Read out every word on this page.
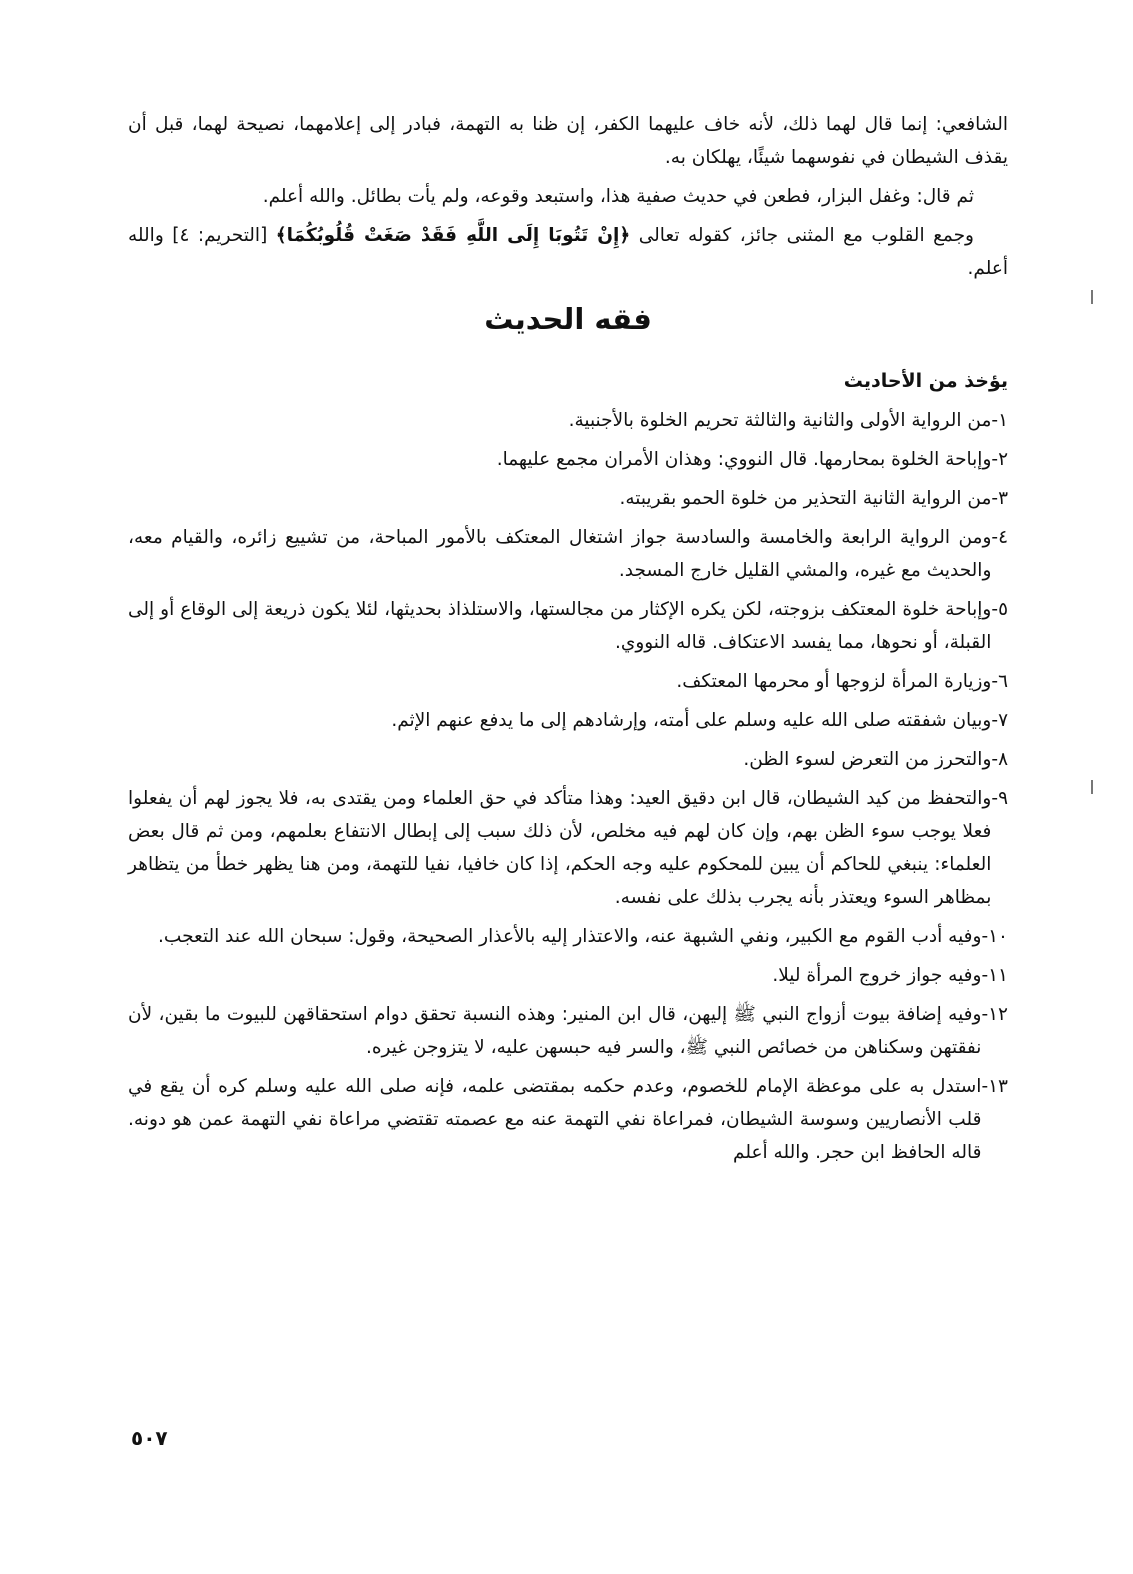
الشافعي: إنما قال لهما ذلك، لأنه خاف عليهما الكفر، إن ظنا به التهمة، فبادر إلى إعلامهما، نصيحة لهما، قبل أن يقذف الشيطان في نفوسهما شيئًا، يهلكان به.

ثم قال: وغفل البزار، فطعن في حديث صفية هذا، واستبعد وقوعه، ولم يأت بطائل. والله أعلم.

وجمع القلوب مع المثنى جائز، كقوله تعالى ﴿إِنْ تَتُوبَا إِلَى اللَّهِ فَقَدْ صَغَتْ قُلُوبُكُمَا﴾ [التحريم: ٤] والله أعلم.

فقه الحديث
يؤخذ من الأحاديث
١-
من الرواية الأولى والثانية والثالثة تحريم الخلوة بالأجنبية.
٢-
وإباحة الخلوة بمحارمها. قال النووي: وهذان الأمران مجمع عليهما.
٣-
من الرواية الثانية التحذير من خلوة الحمو بقريبته.
٤-
ومن الرواية الرابعة والخامسة والسادسة جواز اشتغال المعتكف بالأمور المباحة، من تشييع زائره، والقيام معه، والحديث مع غيره، والمشي القليل خارج المسجد.
٥-
وإباحة خلوة المعتكف بزوجته، لكن يكره الإكثار من مجالستها، والاستلذاذ بحديثها، لئلا يكون ذريعة إلى الوقاع أو إلى القبلة، أو نحوها، مما يفسد الاعتكاف. قاله النووي.
٦-
وزيارة المرأة لزوجها أو محرمها المعتكف.
٧-
وبيان شفقته صلى الله عليه وسلم على أمته، وإرشادهم إلى ما يدفع عنهم الإثم.
٨-
والتحرز من التعرض لسوء الظن.
٩-
والتحفظ من كيد الشيطان، قال ابن دقيق العيد: وهذا متأكد في حق العلماء ومن يقتدى به، فلا يجوز لهم أن يفعلوا فعلا يوجب سوء الظن بهم، وإن كان لهم فيه مخلص، لأن ذلك سبب إلى إبطال الانتفاع بعلمهم، ومن ثم قال بعض العلماء: ينبغي للحاكم أن يبين للمحكوم عليه وجه الحكم، إذا كان خافيا، نفيا للتهمة، ومن هنا يظهر خطأ من يتظاهر بمظاهر السوء ويعتذر بأنه يجرب بذلك على نفسه.
١٠-
وفيه أدب القوم مع الكبير، ونفي الشبهة عنه، والاعتذار إليه بالأعذار الصحيحة، وقول: سبحان الله عند التعجب.
١١-
وفيه جواز خروج المرأة ليلا.
١٢-
وفيه إضافة بيوت أزواج النبي ﷺ إليهن، قال ابن المنير: وهذه النسبة تحقق دوام استحقاقهن للبيوت ما بقين، لأن نفقتهن وسكناهن من خصائص النبي ﷺ، والسر فيه حبسهن عليه، لا يتزوجن غيره.
١٣-
استدل به على موعظة الإمام للخصوم، وعدم حكمه بمقتضى علمه، فإنه صلى الله عليه وسلم كره أن يقع في قلب الأنصاريين وسوسة الشيطان، فمراعاة نفي التهمة عنه مع عصمته تقتضي مراعاة نفي التهمة عمن هو دونه. قاله الحافظ ابن حجر. والله أعلم
٥٠٧
